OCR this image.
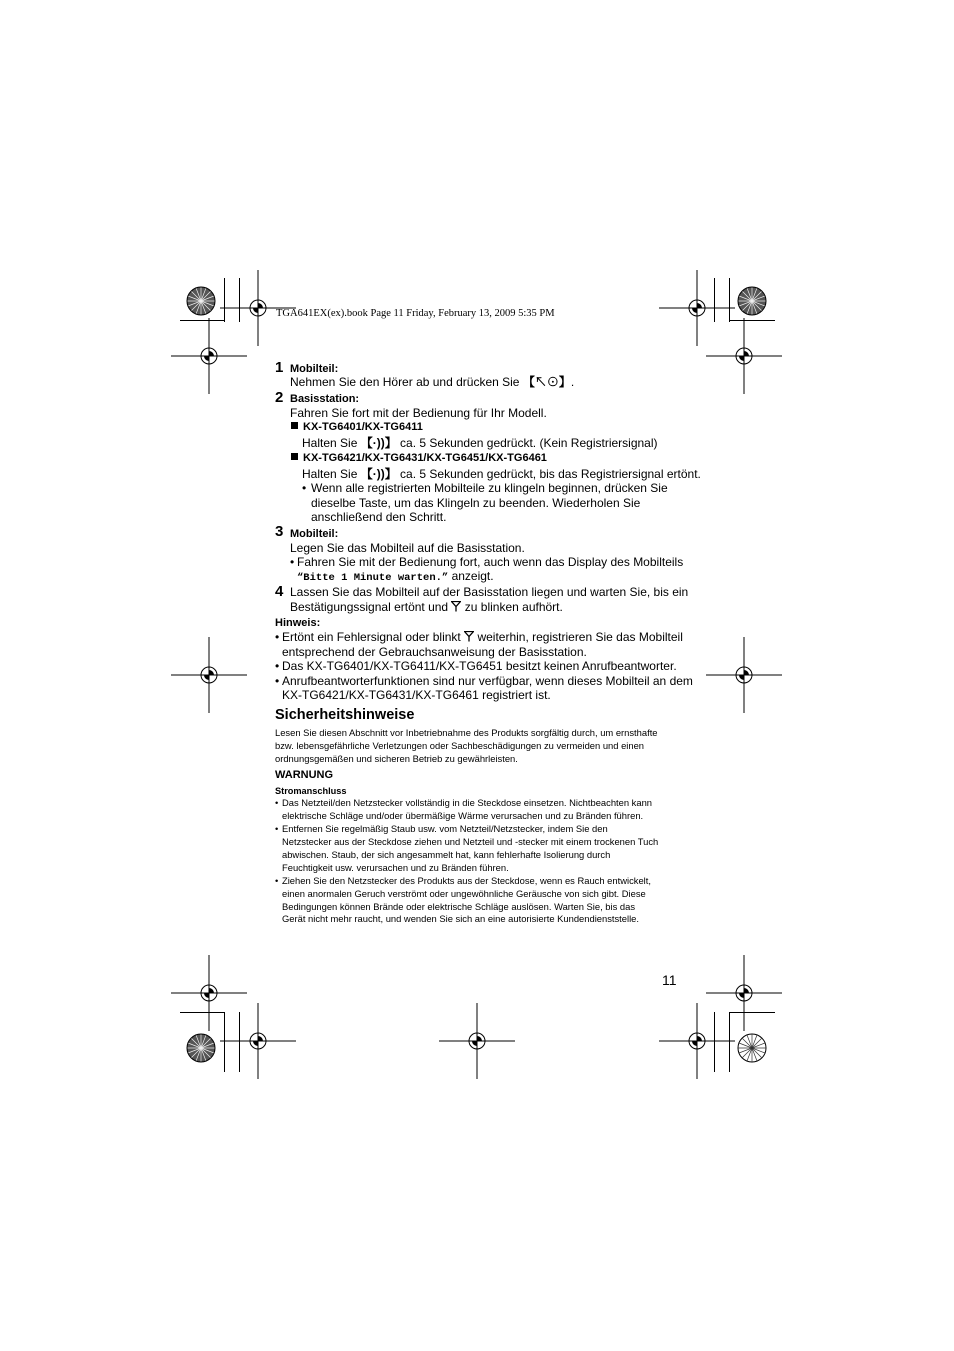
TGA641EX(ex).book Page 11 Friday, February 13, 2009 5:35 PM
1 Mobilteil:
Nehmen Sie den Hörer ab und drücken Sie 【↖⊙】.
2 Basisstation:
Fahren Sie fort mit der Bedienung für Ihr Modell.
KX-TG6401/KX-TG6411
Halten Sie 【·))】 ca. 5 Sekunden gedrückt. (Kein Registriersignal)
KX-TG6421/KX-TG6431/KX-TG6451/KX-TG6461
Halten Sie 【·))】 ca. 5 Sekunden gedrückt, bis das Registriersignal ertönt.
• Wenn alle registrierten Mobilteile zu klingeln beginnen, drücken Sie
dieselbe Taste, um das Klingeln zu beenden. Wiederholen Sie
anschließend den Schritt.
3 Mobilteil:
Legen Sie das Mobilteil auf die Basisstation.
• Fahren Sie mit der Bedienung fort, auch wenn das Display des Mobilteils
“Bitte 1 Minute warten.” anzeigt.
4 Lassen Sie das Mobilteil auf der Basisstation liegen und warten Sie, bis ein
Bestätigungssignal ertönt und  zu blinken aufhört.
Hinweis:
• Ertönt ein Fehlersignal oder blinkt  weiterhin, registrieren Sie das Mobilteil
entsprechend der Gebrauchsanweisung der Basisstation.
• Das KX-TG6401/KX-TG6411/KX-TG6451 besitzt keinen Anrufbeantworter.
• Anrufbeantworterfunktionen sind nur verfügbar, wenn dieses Mobilteil an dem
KX-TG6421/KX-TG6431/KX-TG6461 registriert ist.
Sicherheitshinweise
Lesen Sie diesen Abschnitt vor Inbetriebnahme des Produkts sorgfältig durch, um ernsthafte
bzw. lebensgefährliche Verletzungen oder Sachbeschädigungen zu vermeiden und einen
ordnungsgemäßen und sicheren Betrieb zu gewährleisten.
WARNUNG
Stromanschluss
• Das Netzteil/den Netzstecker vollständig in die Steckdose einsetzen. Nichtbeachten kann
elektrische Schläge und/oder übermäßige Wärme verursachen und zu Bränden führen.
• Entfernen Sie regelmäßig Staub usw. vom Netzteil/Netzstecker, indem Sie den
Netzstecker aus der Steckdose ziehen und Netzteil und -stecker mit einem trockenen Tuch
abwischen. Staub, der sich angesammelt hat, kann fehlerhafte Isolierung durch
Feuchtigkeit usw. verursachen und zu Bränden führen.
• Ziehen Sie den Netzstecker des Produkts aus der Steckdose, wenn es Rauch entwickelt,
einen anormalen Geruch verströmt oder ungewöhnliche Geräusche von sich gibt. Diese
Bedingungen können Brände oder elektrische Schläge auslösen. Warten Sie, bis das
Gerät nicht mehr raucht, und wenden Sie sich an eine autorisierte Kundendienststelle.
11
